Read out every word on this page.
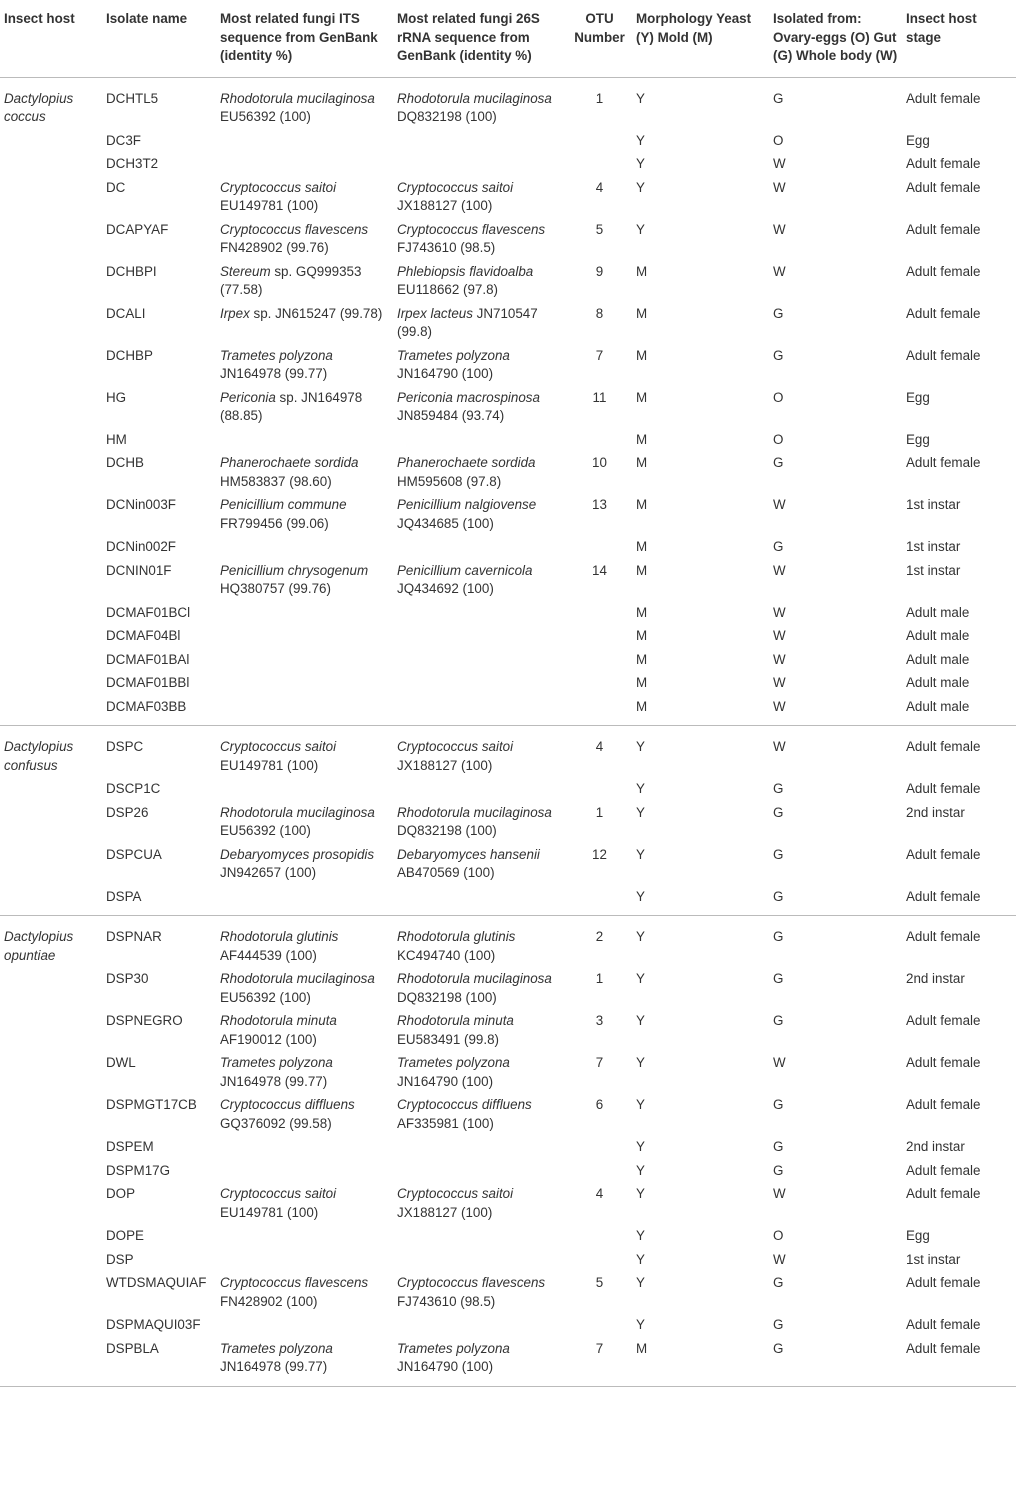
Insect host	Isolate name	Most related fungi ITS sequence from GenBank (identity %)	Most related fungi 26S rRNA sequence from GenBank (identity %)	OTU Number	Morphology Yeast (Y) Mold (M)	Isolated from: Ovary-eggs (O) Gut (G) Whole body (W)	Insect host stage
Dactylopius coccus	DCHTL5	Rhodotorula mucilaginosa EU56392 (100)	Rhodotorula mucilaginosa DQ832198 (100)	1	Y	G	Adult female
	DC3F				Y	O	Egg
	DCH3T2				Y	W	Adult female
	DC	Cryptococcus saitoi EU149781 (100)	Cryptococcus saitoi JX188127 (100)	4	Y	W	Adult female
	DCAPYAF	Cryptococcus flavescens FN428902 (99.76)	Cryptococcus flavescens FJ743610 (98.5)	5	Y	W	Adult female
	DCHBPI	Stereum sp. GQ999353 (77.58)	Phlebiopsis flavidoalba EU118662 (97.8)	9	M	W	Adult female
	DCALI	Irpex sp. JN615247 (99.78)	Irpex lacteus JN710547 (99.8)	8	M	G	Adult female
	DCHBP	Trametes polyzona JN164978 (99.77)	Trametes polyzona JN164790 (100)	7	M	G	Adult female
	HG	Periconia sp. JN164978 (88.85)	Periconia macrospinosa JN859484 (93.74)	11	M	O	Egg
	HM				M	O	Egg
	DCHB	Phanerochaete sordida HM583837 (98.60)	Phanerochaete sordida HM595608 (97.8)	10	M	G	Adult female
	DCNin003F	Penicillium commune FR799456 (99.06)	Penicillium nalgiovense JQ434685 (100)	13	M	W	1st instar
	DCNin002F				M	G	1st instar
	DCNIN01F	Penicillium chrysogenum HQ380757 (99.76)	Penicillium cavernicola JQ434692 (100)	14	M	W	1st instar
	DCMAF01BCl				M	W	Adult male
	DCMAF04Bl				M	W	Adult male
	DCMAF01BAl				M	W	Adult male
	DCMAF01BBl				M	W	Adult male
	DCMAF03BB				M	W	Adult male
Dactylopius confusus	DSPC	Cryptococcus saitoi EU149781 (100)	Cryptococcus saitoi JX188127 (100)	4	Y	W	Adult female
	DSCP1C				Y	G	Adult female
	DSP26	Rhodotorula mucilaginosa EU56392 (100)	Rhodotorula mucilaginosa DQ832198 (100)	1	Y	G	2nd instar
	DSPCUA	Debaryomyces prosopidis JN942657 (100)	Debaryomyces hansenii AB470569 (100)	12	Y	G	Adult female
	DSPA				Y	G	Adult female
Dactylopius opuntiae	DSPNAR	Rhodotorula glutinis AF444539 (100)	Rhodotorula glutinis KC494740 (100)	2	Y	G	Adult female
	DSP30	Rhodotorula mucilaginosa EU56392 (100)	Rhodotorula mucilaginosa DQ832198 (100)	1	Y	G	2nd instar
	DSPNEGRO	Rhodotorula minuta AF190012 (100)	Rhodotorula minuta EU583491 (99.8)	3	Y	G	Adult female
	DWL	Trametes polyzona JN164978 (99.77)	Trametes polyzona JN164790 (100)	7	Y	W	Adult female
	DSPMGT17CB	Cryptococcus diffluens GQ376092 (99.58)	Cryptococcus diffluens AF335981 (100)	6	Y	G	Adult female
	DSPEM				Y	G	2nd instar
	DSPM17G				Y	G	Adult female
	DOP	Cryptococcus saitoi EU149781 (100)	Cryptococcus saitoi JX188127 (100)	4	Y	W	Adult female
	DOPE				Y	O	Egg
	DSP				Y	W	1st instar
	WTDSMAQUIAF	Cryptococcus flavescens FN428902 (100)	Cryptococcus flavescens FJ743610 (98.5)	5	Y	G	Adult female
	DSPMAQUI03F				Y	G	Adult female
	DSPBLA	Trametes polyzona JN164978 (99.77)	Trametes polyzona JN164790 (100)	7	M	G	Adult female
